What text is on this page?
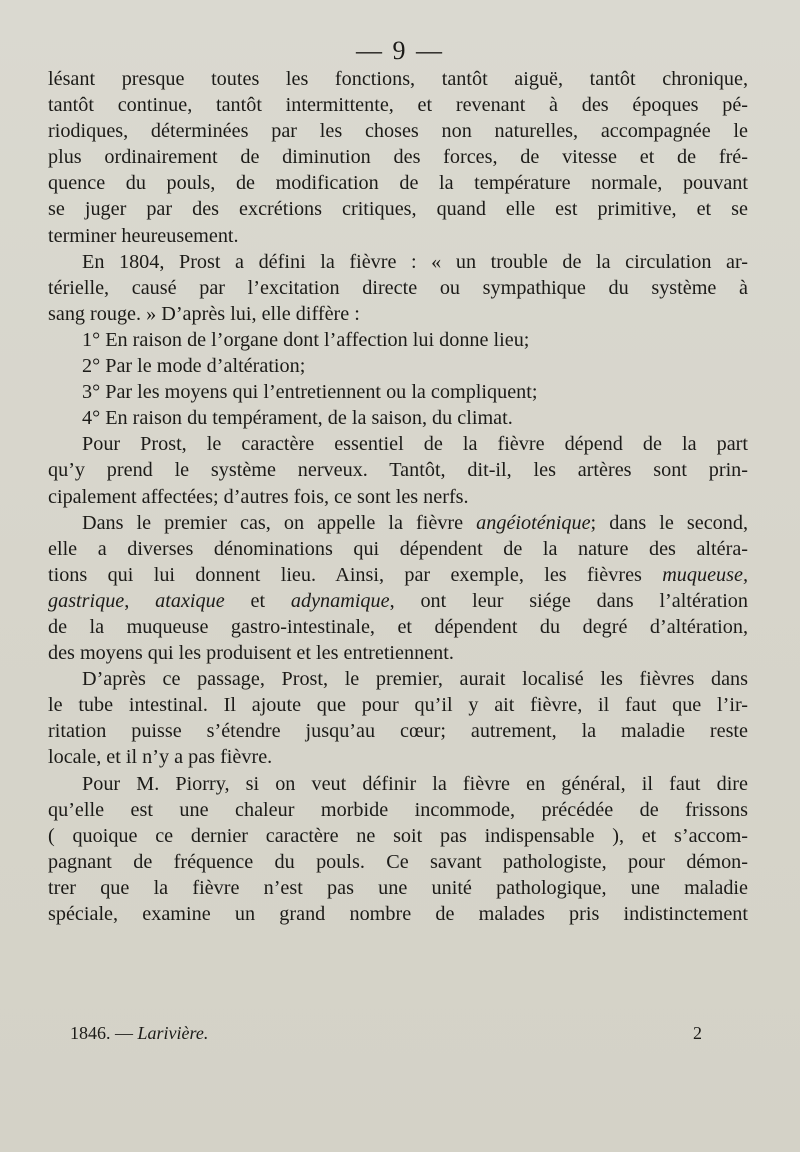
— 9 —
lésant presque toutes les fonctions, tantôt aiguë, tantôt chronique,
tantôt continue, tantôt intermittente, et revenant à des époques pé-
riodiques, déterminées par les choses non naturelles, accompagnée le
plus ordinairement de diminution des forces, de vitesse et de fré-
quence du pouls, de modification de la température normale, pouvant
se juger par des excrétions critiques, quand elle est primitive, et se
terminer heureusement.
En 1804, Prost a défini la fièvre : « un trouble de la circulation ar-
térielle, causé par l’excitation directe ou sympathique du système à
sang rouge. » D’après lui, elle diffère :
1° En raison de l’organe dont l’affection lui donne lieu;
2° Par le mode d’altération;
3° Par les moyens qui l’entretiennent ou la compliquent;
4° En raison du tempérament, de la saison, du climat.
Pour Prost, le caractère essentiel de la fièvre dépend de la part
qu’y prend le système nerveux. Tantôt, dit-il, les artères sont prin-
cipalement affectées; d’autres fois, ce sont les nerfs.
Dans le premier cas, on appelle la fièvre angéioténique; dans le second,
elle a diverses dénominations qui dépendent de la nature des altéra-
tions qui lui donnent lieu. Ainsi, par exemple, les fièvres muqueuse,
gastrique, ataxique et adynamique, ont leur siége dans l’altération
de la muqueuse gastro-intestinale, et dépendent du degré d’altération,
des moyens qui les produisent et les entretiennent.
D’après ce passage, Prost, le premier, aurait localisé les fièvres dans
le tube intestinal. Il ajoute que pour qu’il y ait fièvre, il faut que l’ir-
ritation puisse s’étendre jusqu’au cœur; autrement, la maladie reste
locale, et il n’y a pas fièvre.
Pour M. Piorry, si on veut définir la fièvre en général, il faut dire
qu’elle est une chaleur morbide incommode, précédée de frissons
( quoique ce dernier caractère ne soit pas indispensable ), et s’accom-
pagnant de fréquence du pouls. Ce savant pathologiste, pour démon-
trer que la fièvre n’est pas une unité pathologique, une maladie
spéciale, examine un grand nombre de malades pris indistinctement
1846. — Larivière.	2
